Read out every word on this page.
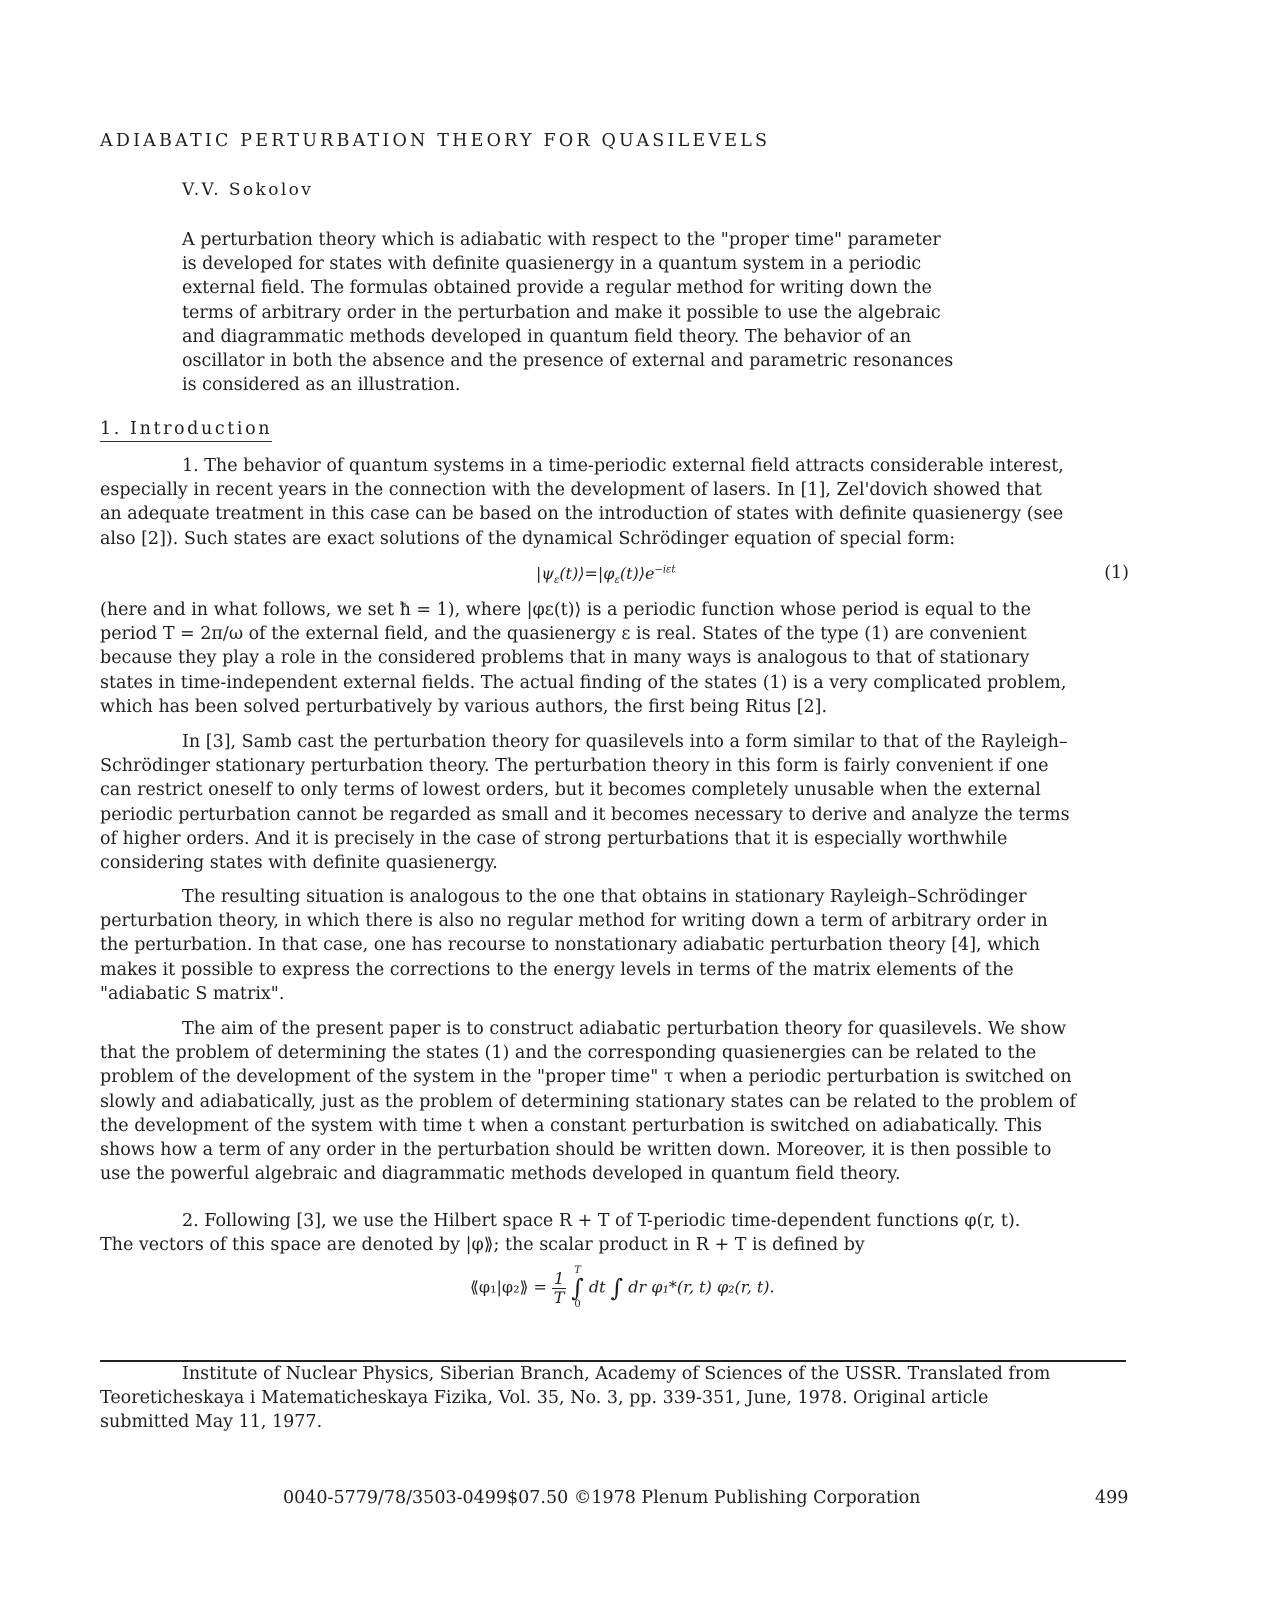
ADIABATIC PERTURBATION THEORY FOR QUASILEVELS
V.V. Sokolov
A perturbation theory which is adiabatic with respect to the "proper time" parameter
is developed for states with definite quasienergy in a quantum system in a periodic
external field. The formulas obtained provide a regular method for writing down the
terms of arbitrary order in the perturbation and make it possible to use the algebraic
and diagrammatic methods developed in quantum field theory. The behavior of an
oscillator in both the absence and the presence of external and parametric resonances
is considered as an illustration.
1. Introduction
1. The behavior of quantum systems in a time-periodic external field attracts considerable interest,
especially in recent years in the connection with the development of lasers. In [1], Zel'dovich showed that
an adequate treatment in this case can be based on the introduction of states with definite quasienergy (see
also [2]). Such states are exact solutions of the dynamical Schrödinger equation of special form:
$|\psi_\varepsilon(t)⟩=|\varphi_\varepsilon(t)⟩e^{-i\varepsilon t}$	(1)
(here and in what follows, we set ħ = 1), where |φε(t)⟩ is a periodic function whose period is equal to the
period T = 2π/ω of the external field, and the quasienergy ε is real. States of the type (1) are convenient
because they play a role in the considered problems that in many ways is analogous to that of stationary
states in time-independent external fields. The actual finding of the states (1) is a very complicated problem,
which has been solved perturbatively by various authors, the first being Ritus [2].
In [3], Samb cast the perturbation theory for quasilevels into a form similar to that of the Rayleigh–
Schrödinger stationary perturbation theory. The perturbation theory in this form is fairly convenient if one
can restrict oneself to only terms of lowest orders, but it becomes completely unusable when the external
periodic perturbation cannot be regarded as small and it becomes necessary to derive and analyze the terms
of higher orders. And it is precisely in the case of strong perturbations that it is especially worthwhile
considering states with definite quasienergy.
The resulting situation is analogous to the one that obtains in stationary Rayleigh–Schrödinger
perturbation theory, in which there is also no regular method for writing down a term of arbitrary order in
the perturbation. In that case, one has recourse to nonstationary adiabatic perturbation theory [4], which
makes it possible to express the corrections to the energy levels in terms of the matrix elements of the
"adiabatic S matrix".
The aim of the present paper is to construct adiabatic perturbation theory for quasilevels. We show
that the problem of determining the states (1) and the corresponding quasienergies can be related to the
problem of the development of the system in the "proper time" τ when a periodic perturbation is switched on
slowly and adiabatically, just as the problem of determining stationary states can be related to the problem of
the development of the system with time t when a constant perturbation is switched on adiabatically. This
shows how a term of any order in the perturbation should be written down. Moreover, it is then possible to
use the powerful algebraic and diagrammatic methods developed in quantum field theory.
2. Following [3], we use the Hilbert space R + T of T-periodic time-dependent functions φ(r, t).
The vectors of this space are denoted by |φ⟫; the scalar product in R + T is defined by
⟪φ₁|φ₂⟫ = $\frac{1}{T}$
T
∫
0
dt ∫ dr φ₁*(r, t) φ₂(r, t).
Institute of Nuclear Physics, Siberian Branch, Academy of Sciences of the USSR. Translated from
Teoreticheskaya i Matematicheskaya Fizika, Vol. 35, No. 3, pp. 339-351, June, 1978. Original article
submitted May 11, 1977.
0040-5779/78/3503-0499$07.50 ©1978 Plenum Publishing Corporation	499
